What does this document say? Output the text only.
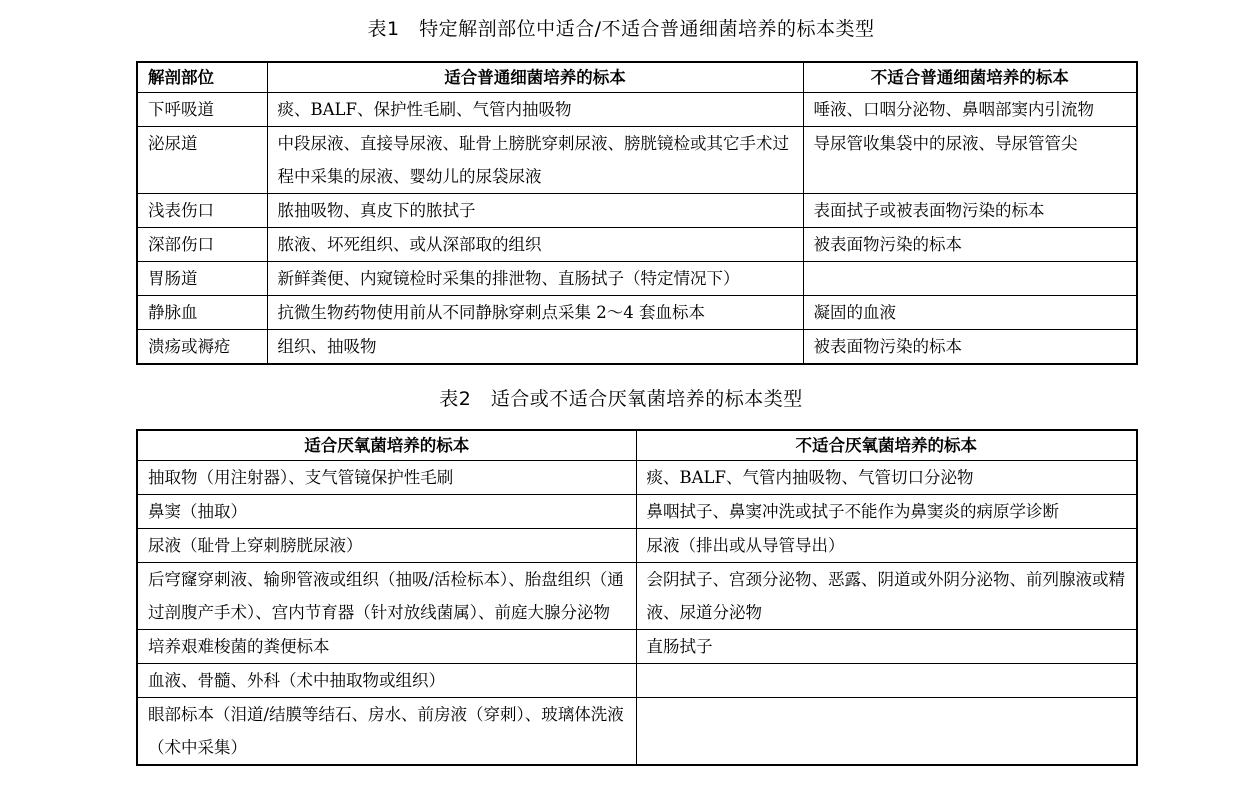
表1　特定解剖部位中适合/不适合普通细菌培养的标本类型
解剖部位	适合普通细菌培养的标本	不适合普通细菌培养的标本
下呼吸道	痰、BALF、保护性毛刷、气管内抽吸物	唾液、口咽分泌物、鼻咽部窦内引流物
泌尿道	中段尿液、直接导尿液、耻骨上膀胱穿刺尿液、膀胱镜检或其它手术过程中采集的尿液、婴幼儿的尿袋尿液	导尿管收集袋中的尿液、导尿管管尖
浅表伤口	脓抽吸物、真皮下的脓拭子	表面拭子或被表面物污染的标本
深部伤口	脓液、坏死组织、或从深部取的组织	被表面物污染的标本
胃肠道	新鲜粪便、内窥镜检时采集的排泄物、直肠拭子（特定情况下）	
静脉血	抗微生物药物使用前从不同静脉穿刺点采集 2～4 套血标本	凝固的血液
溃疡或褥疮	组织、抽吸物	被表面物污染的标本
表2　适合或不适合厌氧菌培养的标本类型
适合厌氧菌培养的标本	不适合厌氧菌培养的标本
抽取物（用注射器）、支气管镜保护性毛刷	痰、BALF、气管内抽吸物、气管切口分泌物
鼻窦（抽取）	鼻咽拭子、鼻窦冲洗或拭子不能作为鼻窦炎的病原学诊断
尿液（耻骨上穿刺膀胱尿液）	尿液（排出或从导管导出）
后穹窿穿刺液、输卵管液或组织（抽吸/活检标本）、胎盘组织（通过剖腹产手术）、宫内节育器（针对放线菌属）、前庭大腺分泌物	会阴拭子、宫颈分泌物、恶露、阴道或外阴分泌物、前列腺液或精液、尿道分泌物
培养艰难梭菌的粪便标本	直肠拭子
血液、骨髓、外科（术中抽取物或组织）	
眼部标本（泪道/结膜等结石、房水、前房液（穿刺）、玻璃体洗液（术中采集）	
